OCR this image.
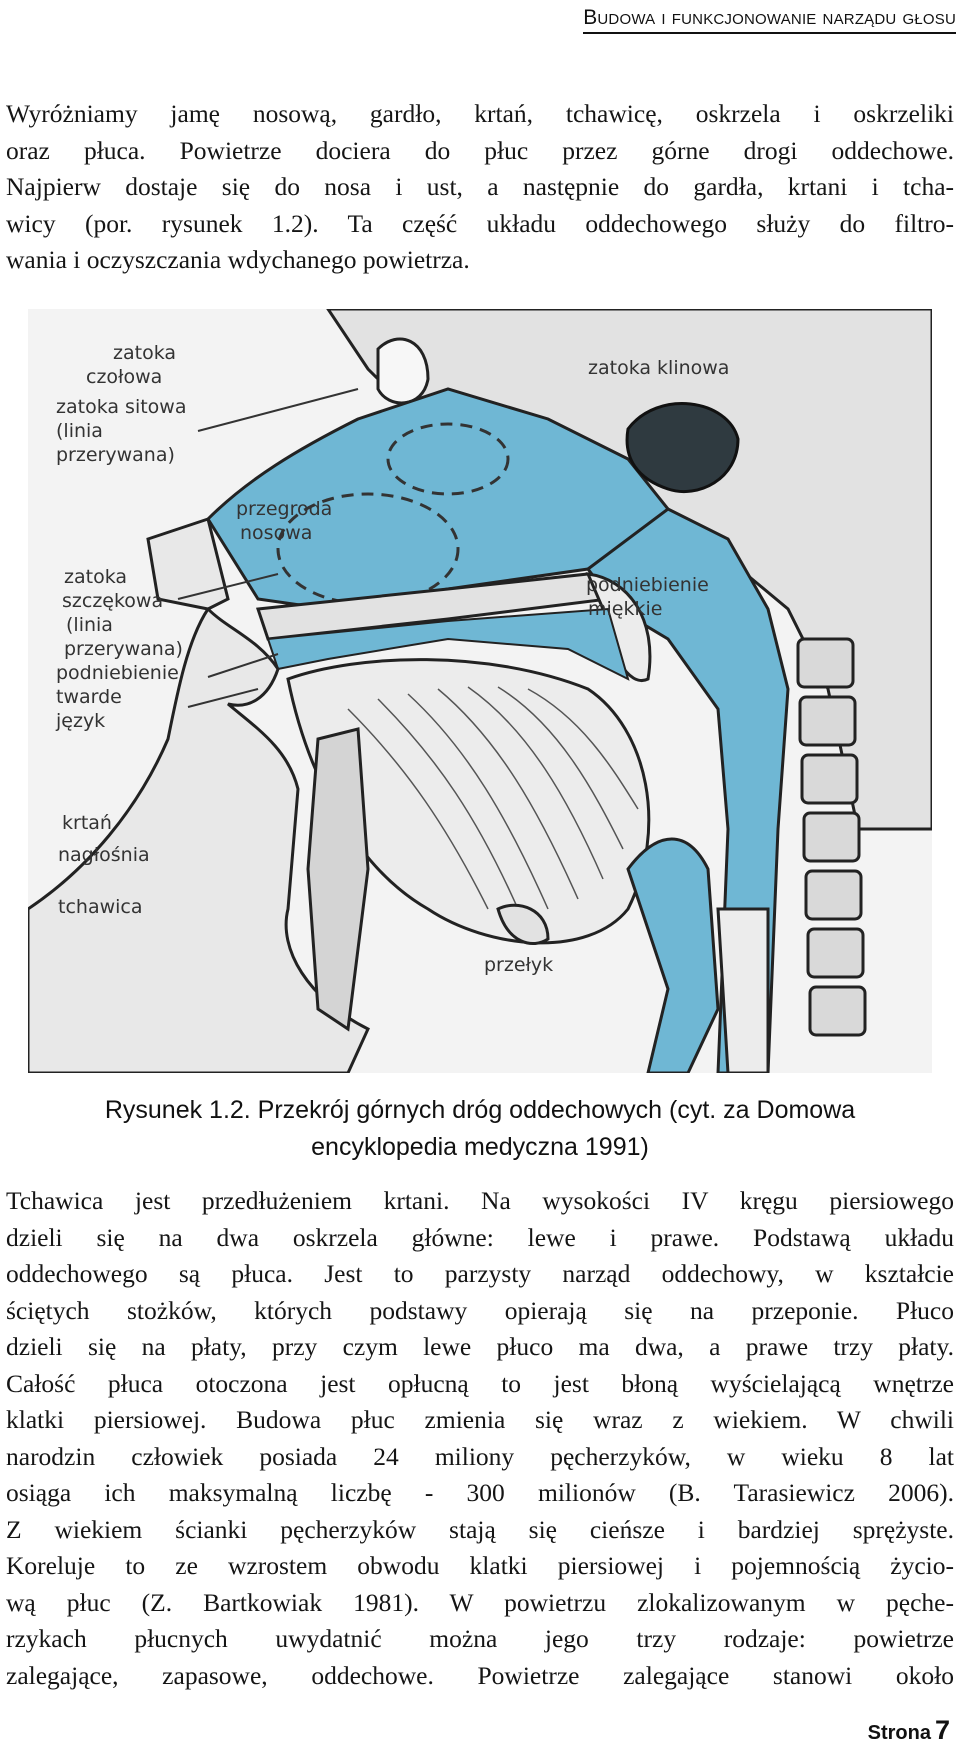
Budowa i funkcjonowanie narządu głosu
Wyróżniamy jamę nosową, gardło, krtań, tchawicę, oskrzela i oskrzeliki
oraz płuca. Powietrze dociera do płuc przez górne drogi oddechowe.
Najpierw dostaje się do nosa i ust, a następnie do gardła, krtani i tcha-
wicy (por. rysunek 1.2). Ta część układu oddechowego służy do filtro-
wania i oczyszczania wdychanego powietrza.
zatoka
czołowa
zatoka sitowa
(linia
przerywana)
zatoka klinowa
przegroda
nosowa
zatoka
szczękowa
(linia
przerywana)
podniebienie
twarde
język
podniebienie
miękkie
krtań
nagłośnia
tchawica
przełyk
Rysunek 1.2. Przekrój górnych dróg oddechowych (cyt. za Domowa
encyklopedia medyczna 1991)
Tchawica jest przedłużeniem krtani. Na wysokości IV kręgu piersiowego
dzieli się na dwa oskrzela główne: lewe i prawe. Podstawą układu
oddechowego są płuca. Jest to parzysty narząd oddechowy, w kształcie
ściętych stożków, których podstawy opierają się na przeponie. Płuco
dzieli się na płaty, przy czym lewe płuco ma dwa, a prawe trzy płaty.
Całość płuca otoczona jest opłucną to jest błoną wyścielającą wnętrze
klatki piersiowej. Budowa płuc zmienia się wraz z wiekiem. W chwili
narodzin człowiek posiada 24 miliony pęcherzyków, w wieku 8 lat
osiąga ich maksymalną liczbę - 300 milionów (B. Tarasiewicz 2006).
Z wiekiem ścianki pęcherzyków stają się cieńsze i bardziej sprężyste.
Koreluje to ze wzrostem obwodu klatki piersiowej i pojemnością życio-
wą płuc (Z. Bartkowiak 1981). W powietrzu zlokalizowanym w pęche-
rzykach płucnych uwydatnić można jego trzy rodzaje: powietrze
zalegające, zapasowe, oddechowe. Powietrze zalegające stanowi około
Strona 7
